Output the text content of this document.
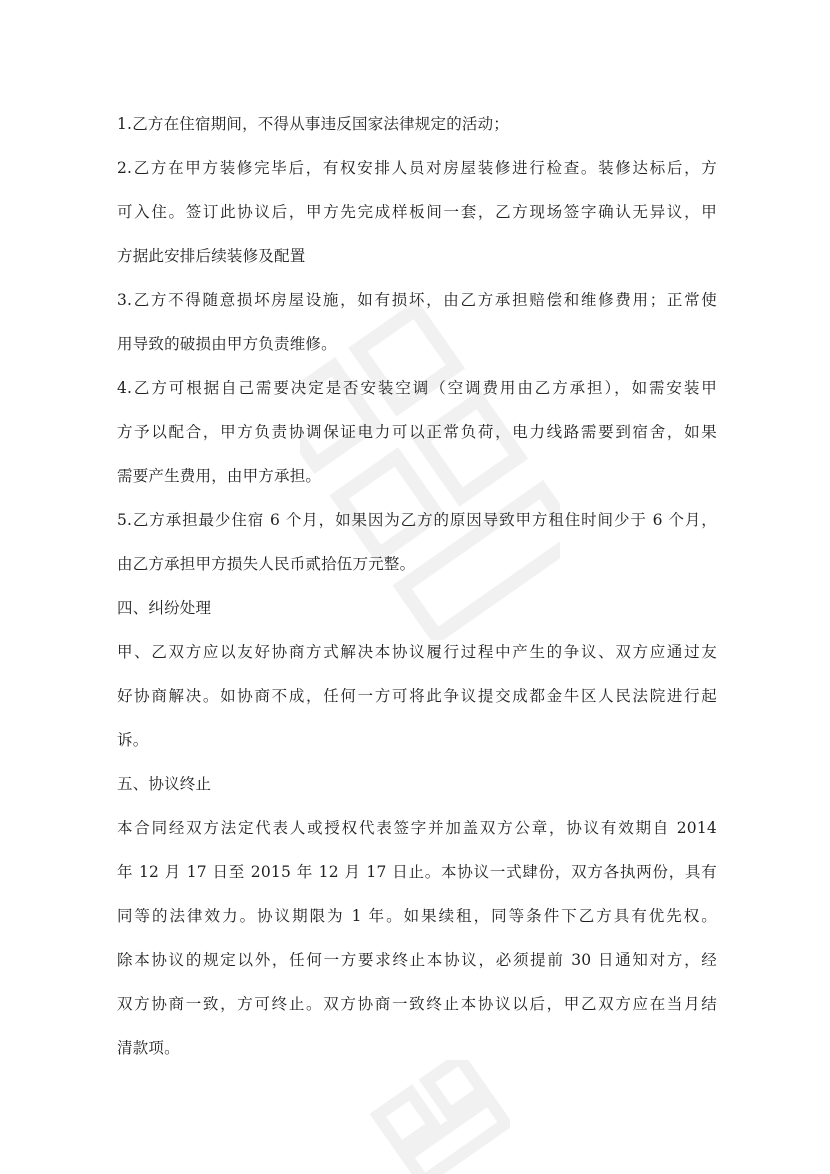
1.乙方在住宿期间，不得从事违反国家法律规定的活动；
2.乙方在甲方装修完毕后，有权安排人员对房屋装修进行检查。装修达标后，方
可入住。签订此协议后，甲方先完成样板间一套，乙方现场签字确认无异议，甲
方据此安排后续装修及配置
3.乙方不得随意损坏房屋设施，如有损坏，由乙方承担赔偿和维修费用；正常使
用导致的破损由甲方负责维修。
4.乙方可根据自己需要决定是否安装空调（空调费用由乙方承担），如需安装甲
方予以配合，甲方负责协调保证电力可以正常负荷，电力线路需要到宿舍，如果
需要产生费用，由甲方承担。
5.乙方承担最少住宿 6 个月，如果因为乙方的原因导致甲方租住时间少于 6 个月，
由乙方承担甲方损失人民币贰拾伍万元整。
四、纠纷处理
甲、乙双方应以友好协商方式解决本协议履行过程中产生的争议、双方应通过友
好协商解决。如协商不成，任何一方可将此争议提交成都金牛区人民法院进行起
诉。
五、协议终止
本合同经双方法定代表人或授权代表签字并加盖双方公章，协议有效期自 2014
年 12 月 17 日至 2015 年 12 月 17 日止。本协议一式肆份，双方各执两份，具有
同等的法律效力。协议期限为 1 年。如果续租，同等条件下乙方具有优先权。
除本协议的规定以外，任何一方要求终止本协议，必须提前 30 日通知对方，经
双方协商一致，方可终止。双方协商一致终止本协议以后，甲乙双方应在当月结
清款项。
